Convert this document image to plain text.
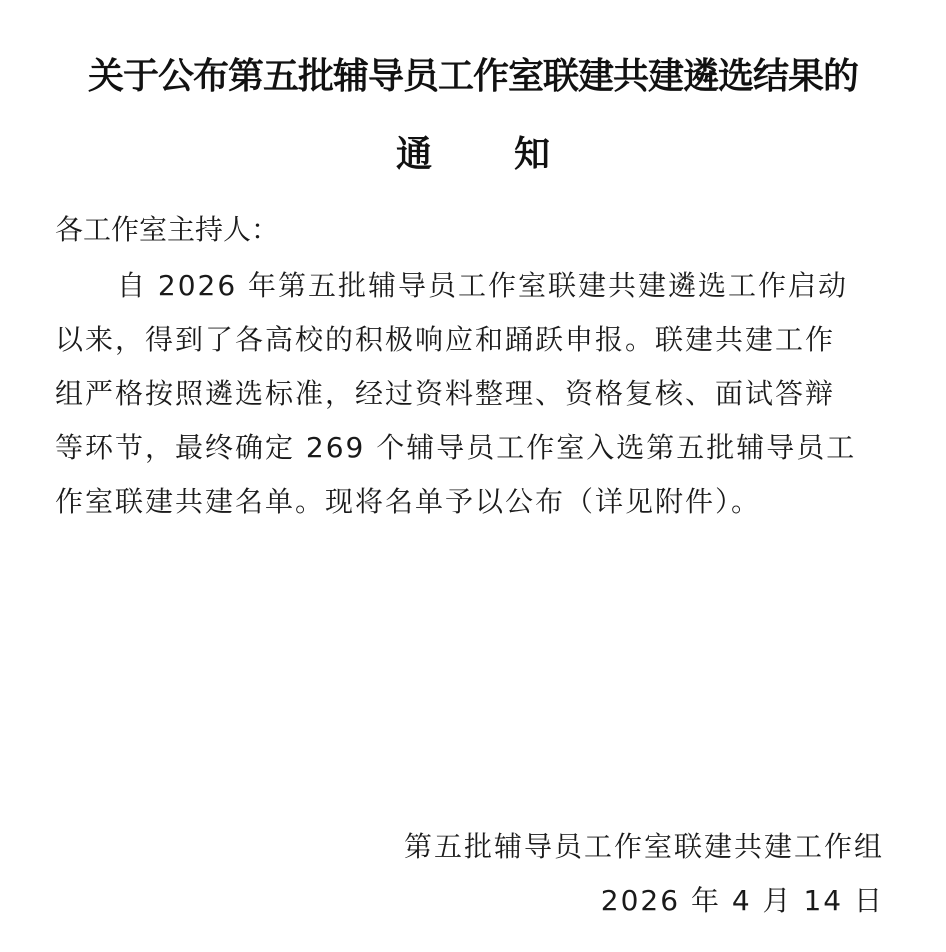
关于公布第五批辅导员工作室联建共建遴选结果的
通 知
各工作室主持人：
自 2026 年第五批辅导员工作室联建共建遴选工作启动
以来，得到了各高校的积极响应和踊跃申报。联建共建工作
组严格按照遴选标准，经过资料整理、资格复核、面试答辩
等环节，最终确定 269 个辅导员工作室入选第五批辅导员工
作室联建共建名单。现将名单予以公布（详见附件）。
第五批辅导员工作室联建共建工作组
2026 年 4 月 14 日
